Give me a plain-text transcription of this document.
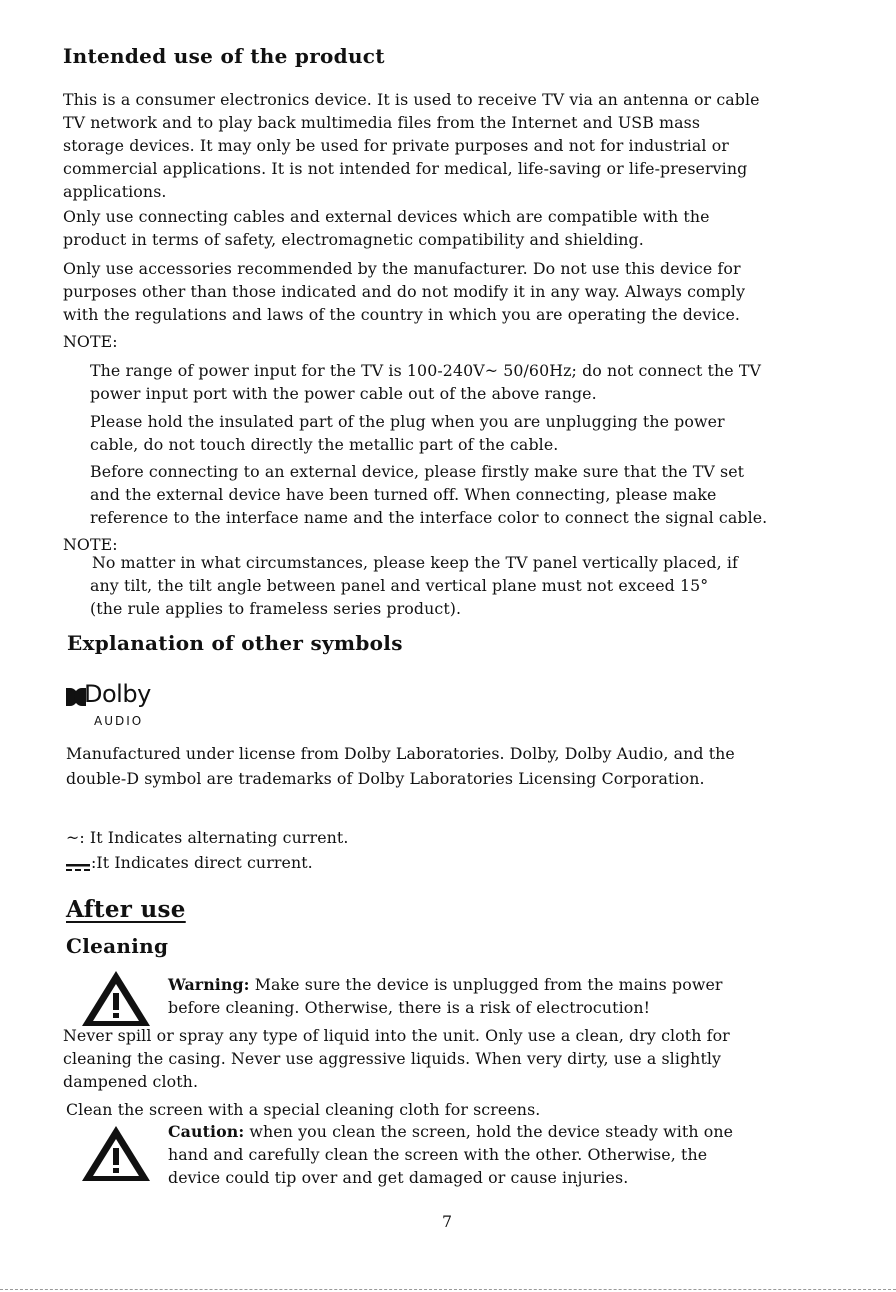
Intended use of the product
This is a consumer electronics device. It is used to receive TV via an antenna or cable
TV network and to play back multimedia files from the Internet and USB mass
storage devices. It may only be used for private purposes and not for industrial or
commercial applications. It is not intended for medical, life-saving or life-preserving
applications.
Only use connecting cables and external devices which are compatible with the
product in terms of safety, electromagnetic compatibility and shielding.
Only use accessories recommended by the manufacturer. Do not use this device for
purposes other than those indicated and do not modify it in any way. Always comply
with the regulations and laws of the country in which you are operating the device.
NOTE:
The range of power input for the TV is 100-240V~ 50/60Hz; do not connect the TV
power input port with the power cable out of the above range.
Please hold the insulated part of the plug when you are unplugging the power
cable, do not touch directly the metallic part of the cable.
Before connecting to an external device, please firstly make sure that the TV set
and the external device have been turned off. When connecting, please make
reference to the interface name and the interface color to connect the signal cable.
NOTE:
No matter in what circumstances, please keep the TV panel vertically placed, if
any tilt, the tilt angle between panel and vertical plane must not exceed 15°
(the rule applies to frameless series product).
Explanation of other symbols
Dolby
AUDIO
Manufactured under license from Dolby Laboratories. Dolby, Dolby Audio, and the
double-D symbol are trademarks of Dolby Laboratories Licensing Corporation.
~: It Indicates alternating current.
:It Indicates direct current.
After use
Cleaning
Warning: Make sure the device is unplugged from the mains power
before cleaning. Otherwise, there is a risk of electrocution!
Never spill or spray any type of liquid into the unit. Only use a clean, dry cloth for
cleaning the casing. Never use aggressive liquids. When very dirty, use a slightly
dampened cloth.
Clean the screen with a special cleaning cloth for screens.
Caution: when you clean the screen, hold the device steady with one
hand and carefully clean the screen with the other. Otherwise, the
device could tip over and get damaged or cause injuries.
7
